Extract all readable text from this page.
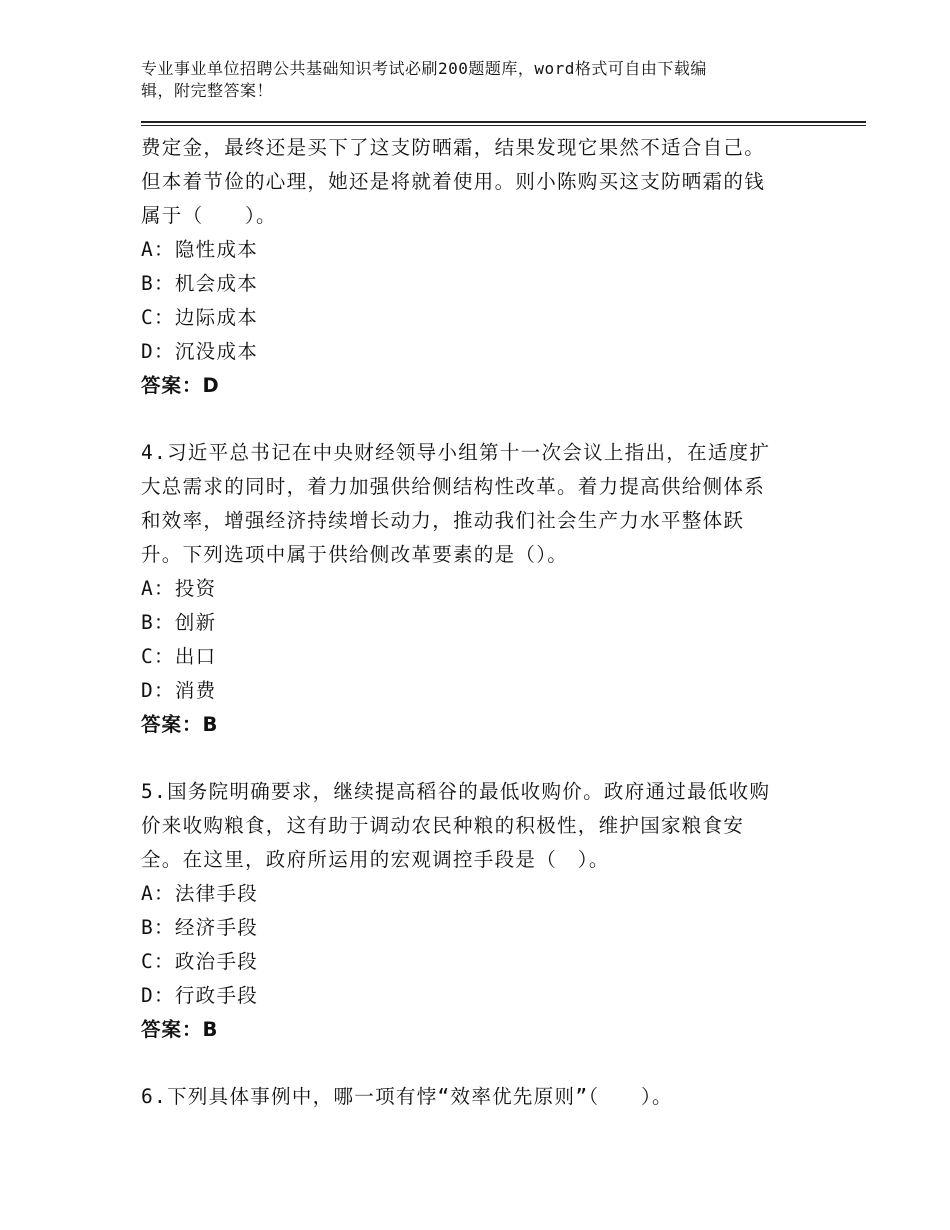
专业事业单位招聘公共基础知识考试必刷200题题库，word格式可自由下载编
辑，附完整答案！

费定金，最终还是买下了这支防晒霜，结果发现它果然不适合自己。

但本着节俭的心理，她还是将就着使用。则小陈购买这支防晒霜的钱

属于（　　）。

A：隐性成本

B：机会成本

C：边际成本

D：沉没成本

答案：D

4.习近平总书记在中央财经领导小组第十一次会议上指出，在适度扩

大总需求的同时，着力加强供给侧结构性改革。着力提高供给侧体系

和效率，增强经济持续增长动力，推动我们社会生产力水平整体跃

升。下列选项中属于供给侧改革要素的是（）。

A：投资

B：创新

C：出口

D：消费

答案：B

5.国务院明确要求，继续提高稻谷的最低收购价。政府通过最低收购

价来收购粮食，这有助于调动农民种粮的积极性，维护国家粮食安

全。在这里，政府所运用的宏观调控手段是（　）。

A：法律手段

B：经济手段

C：政治手段

D：行政手段

答案：B

6.下列具体事例中，哪一项有悖“效率优先原则”（　　）。
